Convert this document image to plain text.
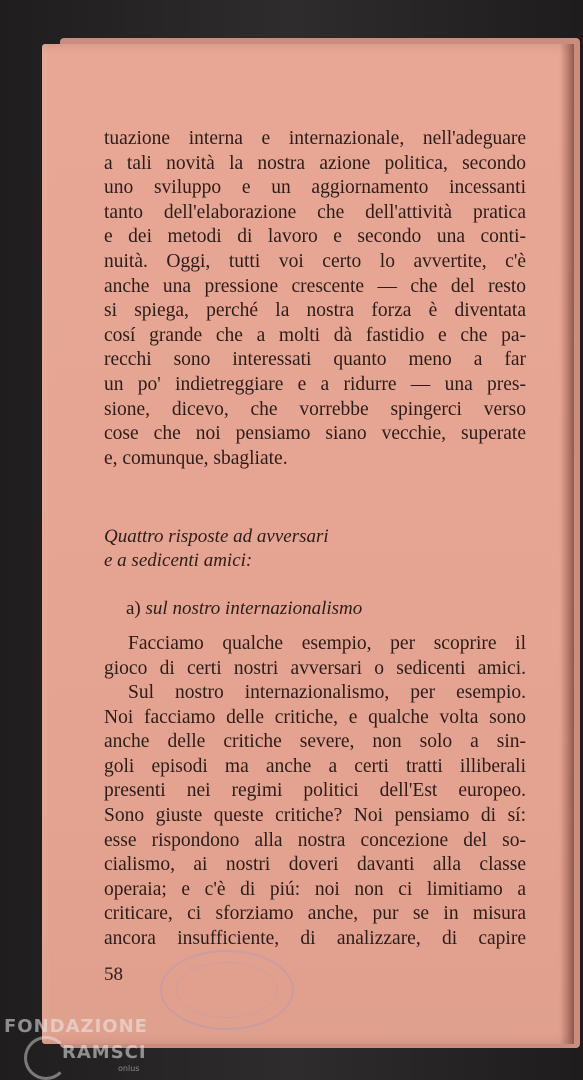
tuazione interna e internazionale, nell'adeguare
a tali novità la nostra azione politica, secondo
uno sviluppo e un aggiornamento incessanti
tanto dell'elaborazione che dell'attività pratica
e dei metodi di lavoro e secondo una conti-
nuità. Oggi, tutti voi certo lo avvertite, c'è
anche una pressione crescente — che del resto
si spiega, perché la nostra forza è diventata
cosí grande che a molti dà fastidio e che pa-
recchi sono interessati quanto meno a far
un po' indietreggiare e a ridurre — una pres-
sione, dicevo, che vorrebbe spingerci verso
cose che noi pensiamo siano vecchie, superate
e, comunque, sbagliate.

Quattro risposte ad avversari

e a sedicenti amici:

a) sul nostro internazionalismo

Facciamo qualche esempio, per scoprire il
gioco di certi nostri avversari o sedicenti amici.
Sul nostro internazionalismo, per esempio.
Noi facciamo delle critiche, e qualche volta sono
anche delle critiche severe, non solo a sin-
goli episodi ma anche a certi tratti illiberali
presenti nei regimi politici dell'Est europeo.
Sono giuste queste critiche? Noi pensiamo di sí:
esse rispondono alla nostra concezione del so-
cialismo, ai nostri doveri davanti alla classe
operaia; e c'è di piú: noi non ci limitiamo a
criticare, ci sforziamo anche, pur se in misura
ancora insufficiente, di analizzare, di capire
58
FONDAZIONE
RAMSCI
onlus
